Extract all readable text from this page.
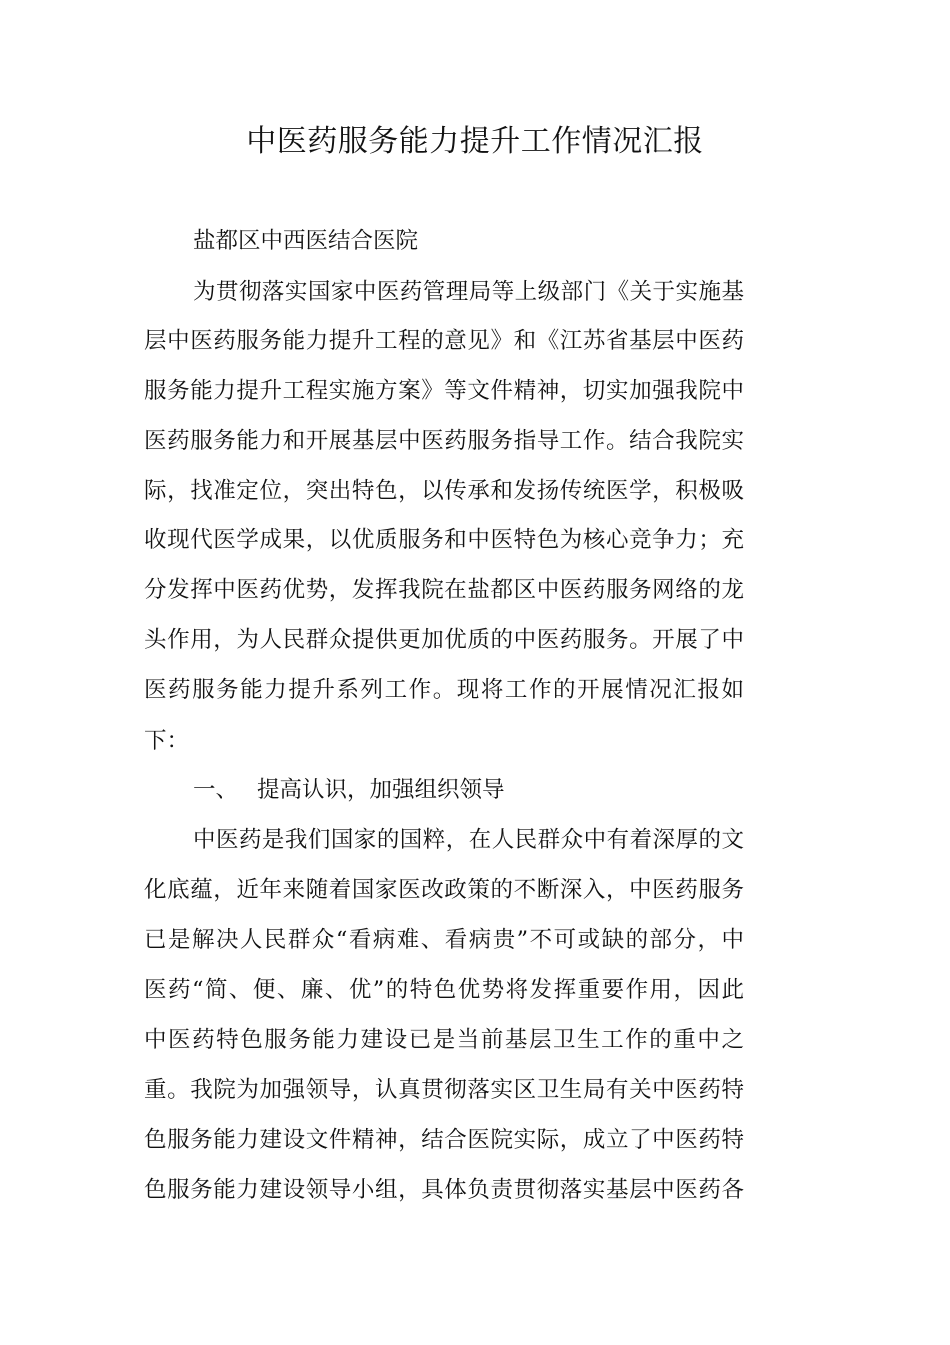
中医药服务能力提升工作情况汇报

盐都区中西医结合医院

为贯彻落实国家中医药管理局等上级部门《关于实施基

层中医药服务能力提升工程的意见》和《江苏省基层中医药

服务能力提升工程实施方案》等文件精神，切实加强我院中

医药服务能力和开展基层中医药服务指导工作。结合我院实

际，找准定位，突出特色，以传承和发扬传统医学，积极吸

收现代医学成果，以优质服务和中医特色为核心竞争力；充

分发挥中医药优势，发挥我院在盐都区中医药服务网络的龙

头作用，为人民群众提供更加优质的中医药服务。开展了中

医药服务能力提升系列工作。现将工作的开展情况汇报如

下：

一、 提高认识，加强组织领导

中医药是我们国家的国粹，在人民群众中有着深厚的文

化底蕴，近年来随着国家医改政策的不断深入，中医药服务

已是解决人民群众“看病难、看病贵”不可或缺的部分，中

医药“简、便、廉、优”的特色优势将发挥重要作用，因此

中医药特色服务能力建设已是当前基层卫生工作的重中之

重。我院为加强领导，认真贯彻落实区卫生局有关中医药特

色服务能力建设文件精神，结合医院实际，成立了中医药特

色服务能力建设领导小组，具体负责贯彻落实基层中医药各
